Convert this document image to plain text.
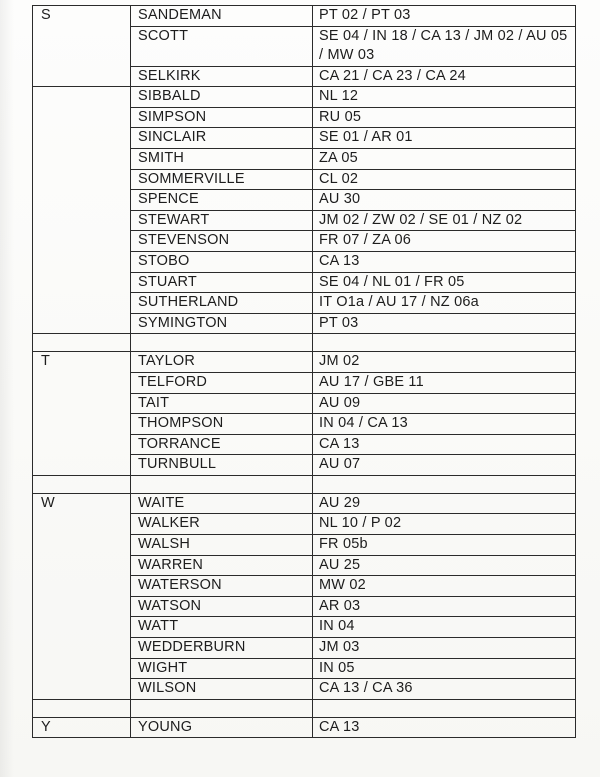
S	SANDEMAN	PT 02 / PT 03
	SCOTT	SE 04 / IN 18 / CA 13 / JM 02 / AU 05 / MW 03
	SELKIRK	CA 21 / CA 23 / CA 24
	SIBBALD	NL 12
	SIMPSON	RU 05
	SINCLAIR	SE 01 / AR 01
	SMITH	ZA 05
	SOMMERVILLE	CL 02
	SPENCE	AU 30
	STEWART	JM 02 / ZW 02 / SE 01 / NZ 02
	STEVENSON	FR 07 / ZA 06
	STOBO	CA 13
	STUART	SE 04 / NL 01 / FR 05
	SUTHERLAND	IT O1a / AU 17 / NZ 06a
	SYMINGTON	PT 03

T	TAYLOR	JM 02
	TELFORD	AU 17 / GBE 11
	TAIT	AU 09
	THOMPSON	IN 04 / CA 13
	TORRANCE	CA 13
	TURNBULL	AU 07

W	WAITE	AU 29
	WALKER	NL 10 / P 02
	WALSH	FR 05b
	WARREN	AU 25
	WATERSON	MW 02
	WATSON	AR 03
	WATT	IN 04
	WEDDERBURN	JM 03
	WIGHT	IN 05
	WILSON	CA 13 / CA 36

Y	YOUNG	CA 13
